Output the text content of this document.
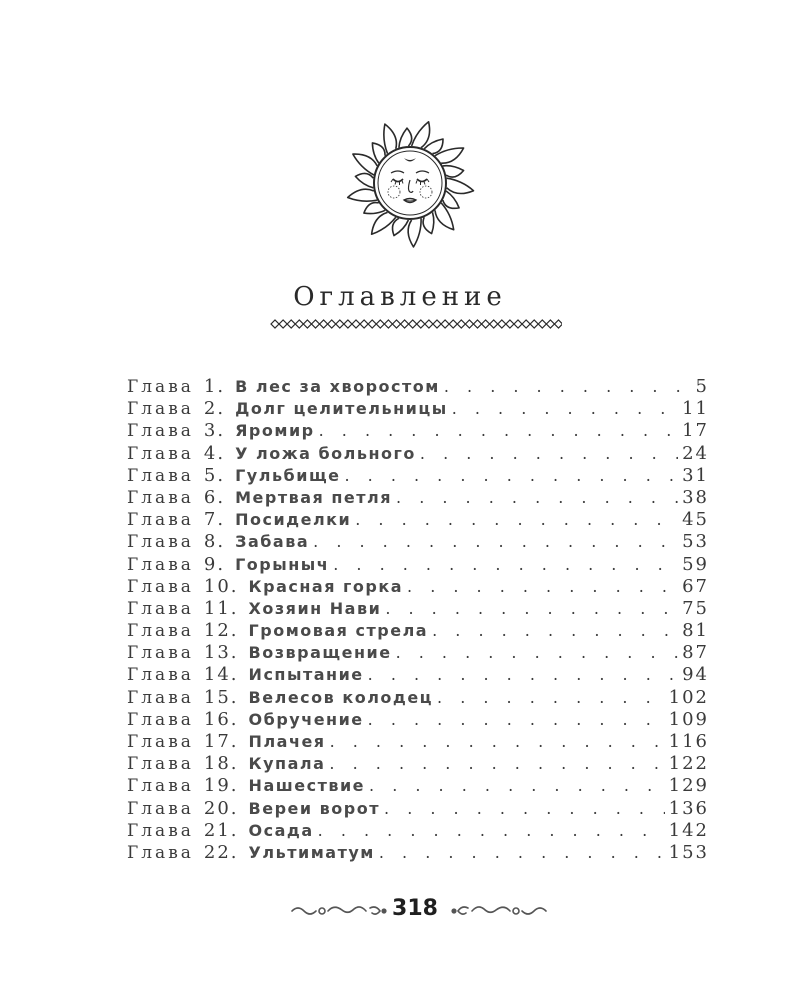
Оглавление
Глава 1. В лес за хворостом . . .	5
Глава 2. Долг целительницы . . .	11
Глава 3. Яромир . . .	17
Глава 4. У ложа больного . . .	24
Глава 5. Гульбище . . .	31
Глава 6. Мертвая петля . . .	38
Глава 7. Посиделки . . .	45
Глава 8. Забава . . .	53
Глава 9. Горыныч . . .	59
Глава 10. Красная горка . . .	67
Глава 11. Хозяин Нави . . .	75
Глава 12. Громовая стрела . . .	81
Глава 13. Возвращение . . .	87
Глава 14. Испытание . . .	94
Глава 15. Велесов колодец . . .	102
Глава 16. Обручение . . .	109
Глава 17. Плачея . . .	116
Глава 18. Купала . . .	122
Глава 19. Нашествие . . .	129
Глава 20. Вереи ворот . . .	136
Глава 21. Осада . . .	142
Глава 22. Ультиматум . . .	153
318
